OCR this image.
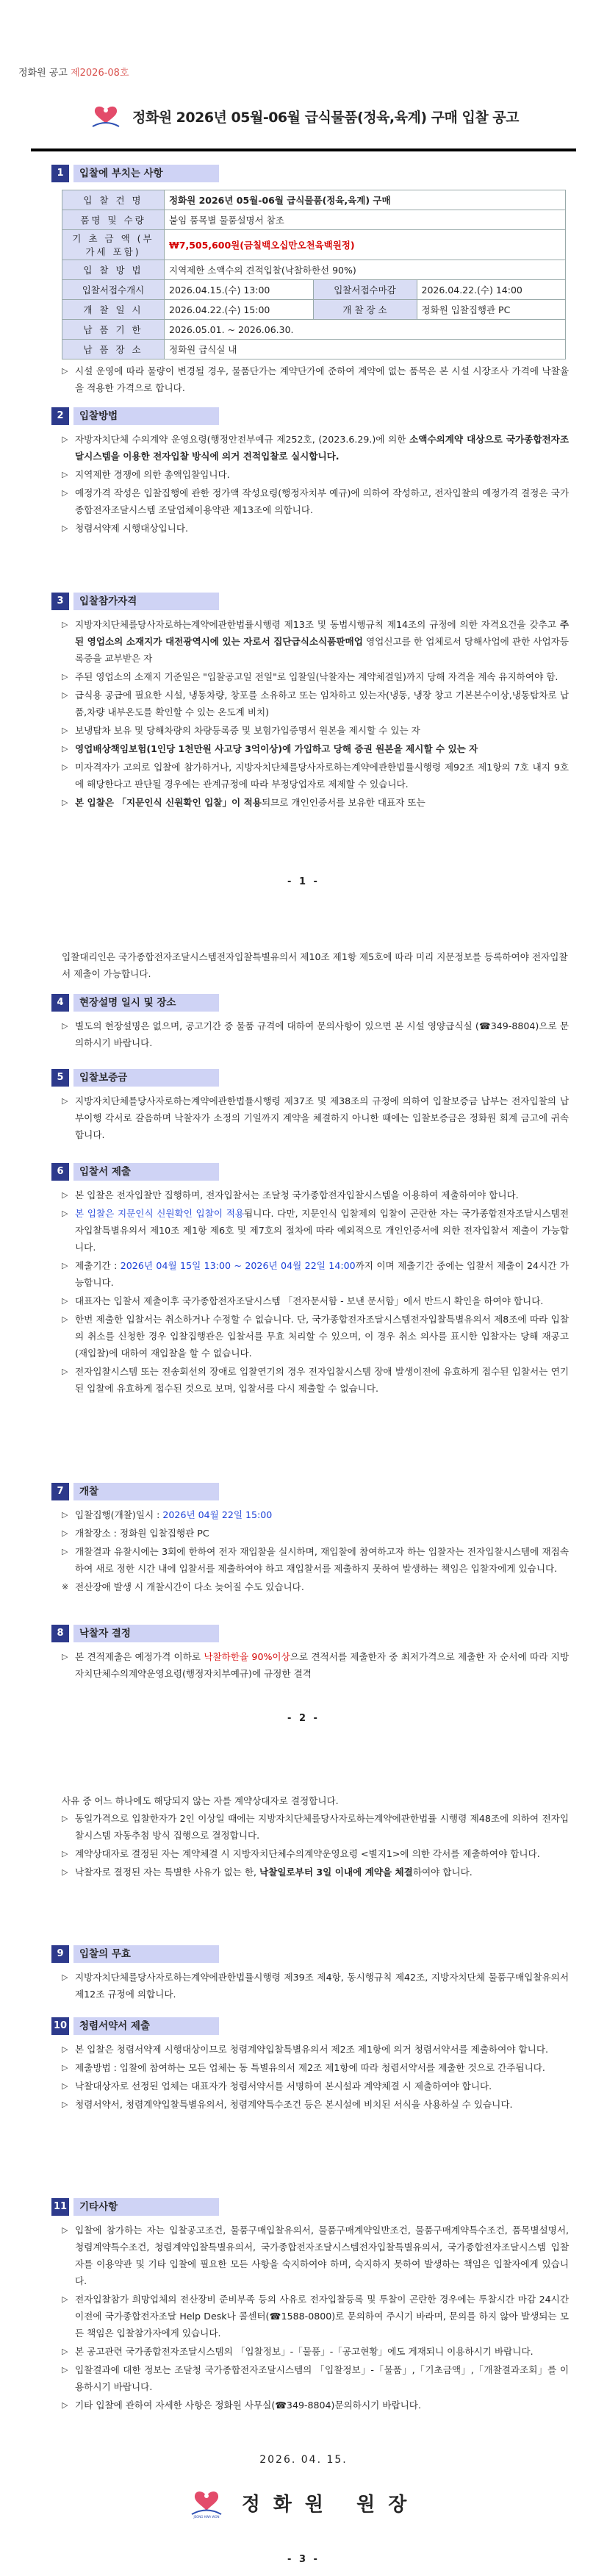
정화원 공고 제2026-08호
정화원 2026년 05월-06월 급식물품(정육,육계) 구매 입찰 공고
1	입찰에 부치는 사항
입 찰 건 명	정화원 2026년 05월-06월 급식물품(정육,육계) 구매		
품명 및 수량	붙임 품목별 물품설명서 참조		
기 초 금 액 (부가세 포함)	₩7,505,600원(금칠백오십만오천육백원정)		
입 찰 방 법	지역제한 소액수의 견적입찰(낙찰하한선 90%)		
입찰서접수개시	2026.04.15.(수) 13:00	입찰서접수마감	2026.04.22.(수) 14:00
개 찰 일 시	2026.04.22.(수) 15:00	개 찰 장 소	정화원 입찰집행관 PC
납 품 기 한	2026.05.01. ~ 2026.06.30.		
납 품 장 소	정화원 급식실 내		
▷ 시설 운영에 따라 물량이 변경될 경우, 물품단가는 계약단가에 준하여 계약에 없는 품목은 본 시설 시장조사 가격에 낙찰율을 적용한 가격으로 합니다.
2	입찰방법
▷ 자방자치단체 수의계약 운영요령(행정안전부예규 제252호, (2023.6.29.)에 의한 소액수의계약 대상으로 국가종합전자조달시스템을 이용한 전자입찰 방식에 의거 견적입찰로 실시합니다.
▷ 지역제한 경쟁에 의한 총액입찰입니다.
▷ 예정가격 작성은 입찰집행에 관한 정가액 작성요령(행정자치부 예규)에 의하여 작성하고, 전자입찰의 예정가격 결정은 국가종합전자조달시스템 조달업체이용약관 제13조에 의합니다.
▷ 청렴서약제 시행대상입니다.
3	입찰참가자격
▷ 지방자치단체를당사자로하는계약에관한법률시행령 제13조 및 동법시행규칙 제14조의 규정에 의한 자격요건을 갖추고 주된 영업소의 소재지가 대전광역시에 있는 자로서 집단급식소식품판매업 영업신고를 한 업체로서 당해사업에 관한 사업자등록증을 교부받은 자
▷ 주된 영업소의 소재지 기준일은 "입찰공고일 전일"로 입찰일(낙찰자는 계약체결일)까지 당해 자격을 계속 유지하여야 함.
▷ 급식용 공급에 필요한 시설, 냉동차량, 창포를 소유하고 또는 임차하고 있는자(냉동, 냉장 창고 기본본수이상,냉동탑차로 납품,차량 내부온도를 확인할 수 있는 온도계 비치)
▷ 보냉탑차 보유 및 당해차량의 차량등록증 및 보험가입증명서 원본을 제시할 수 있는 자
▷ 영업배상책임보험(1인당 1천만원 사고당 3억이상)에 가입하고 당해 증권 원본을 제시할 수 있는 자
▷ 미자격자가 고의로 입찰에 참가하거나, 지방자치단체를당사자로하는계약에관한법률시행령 제92조 제1항의 7호 내지 9호에 해당한다고 판단될 경우에는 관계규정에 따라 부정당업자로 제제할 수 있습니다.
▷ 본 입찰은 「지문인식 신원확인 입찰」이 적용되므로 개인인증서를 보유한 대표자 또는
- 1 -
입찰대리인은 국가종합전자조달시스템전자입찰특별유의서 제10조 제1항 제5호에 따라 미리 지문정보를 등록하여야 전자입찰서 제출이 가능합니다.
4	현장설명 일시 및 장소
▷ 별도의 현장설명은 없으며, 공고기간 중 물품 규격에 대하여 문의사항이 있으면 본 시설 영양급식실 (☎349-8804)으로 문의하시기 바랍니다.
5	입찰보증금
▷ 지방자치단체를당사자로하는계약에관한법률시행령 제37조 및 제38조의 규정에 의하여 입찰보증금 납부는 전자입찰의 납부이행 각서로 갈음하며 낙찰자가 소정의 기일까지 계약을 체결하지 아니한 때에는 입찰보증금은 정화원 회계 금고에 귀속합니다.
6	입찰서 제출
▷ 본 입찰은 전자입찰만 집행하며, 전자입찰서는 조달청 국가종합전자입찰시스템을 이용하여 제출하여야 합니다.
▷ 본 입찰은 지문인식 신원확인 입찰이 적용됩니다. 다만, 지문인식 입찰제의 입찰이 곤란한 자는 국가종합전자조달시스템전자입찰특별유의서 제10조 제1항 제6호 및 제7호의 절차에 따라 예외적으로 개인인증서에 의한 전자입찰서 제출이 가능합니다.
▷ 제출기간 : 2026년 04월 15일 13:00 ~ 2026년 04월 22일 14:00까지 이며 제출기간 중에는 입찰서 제출이 24시간 가능합니다.
▷ 대표자는 입찰서 제출이후 국가종합전자조달시스템 「전자문서함 - 보낸 문서함」에서 반드시 확인을 하여야 합니다.
▷ 한번 제출한 입찰서는 취소하거나 수정할 수 없습니다. 단, 국가종합전자조달시스템전자입찰특별유의서 제8조에 따라 입찰의 취소를 신청한 경우 입찰집행관은 입찰서를 무효 처리할 수 있으며, 이 경우 취소 의사를 표시한 입찰자는 당해 재공고(재입찰)에 대하여 재입찰을 할 수 없습니다.
▷ 전자입찰시스템 또는 전송회선의 장애로 입찰연기의 경우 전자입찰시스템 장애 발생이전에 유효하게 접수된 입찰서는 연기된 입찰에 유효하게 접수된 것으로 보며, 입찰서를 다시 제출할 수 없습니다.
7	개찰
▷ 입찰집행(개찰)일시 : 2026년 04월 22일 15:00
▷ 개찰장소 : 정화원 입찰집행관 PC
▷ 개찰결과 유찰시에는 3회에 한하여 전자 재입찰을 실시하며, 재입찰에 참여하고자 하는 입찰자는 전자입찰시스템에 재접속하여 새로 정한 시간 내에 입찰서를 제출하여야 하고 재입찰서를 제출하지 못하여 발생하는 책임은 입찰자에게 있습니다.
※ 전산장애 발생 시 개찰시간이 다소 늦어질 수도 있습니다.
8	낙찰자 결정
▷ 본 견적제출은 예정가격 이하로 낙찰하한율 90%이상으로 견적서를 제출한자 중 최저가격으로 제출한 자 순서에 따라 지방자치단체수의계약운영요령(행정자치부예규)에 규정한 결격
- 2 -
사유 중 어느 하나에도 해당되지 않는 자를 계약상대자로 결정합니다.
▷ 동일가격으로 입찰한자가 2인 이상일 때에는 지방자치단체를당사자로하는계약에관한법률 시행령 제48조에 의하여 전자입찰시스템 자동추첨 방식 집행으로 결정합니다.
▷ 계약상대자로 결정된 자는 계약체결 시 지방자치단체수의계약운영요령 <별지1>에 의한 각서를 제출하여야 합니다.
▷ 낙찰자로 결정된 자는 특별한 사유가 없는 한, 낙찰일로부터 3일 이내에 계약을 체결하여야 합니다.
9	입찰의 무효
▷ 지방자치단체를당사자로하는계약에관한법률시행령 제39조 제4항, 동시행규칙 제42조, 지방자치단체 물품구매입찰유의서 제12조 규정에 의합니다.
10	청렴서약서 제출
▷ 본 입찰은 청렴서약제 시행대상이므로 청렴계약입찰특별유의서 제2조 제1항에 의거 청렴서약서를 제출하여야 합니다.
▷ 제출방법 : 입찰에 참여하는 모든 업체는 동 특별유의서 제2조 제1항에 따라 청렴서약서를 제출한 것으로 간주됩니다.
▷ 낙찰대상자로 선정된 업체는 대표자가 청렴서약서를 서명하여 본시설과 계약체결 시 제출하여야 합니다.
▷ 청렴서약서, 청렴계약입찰특별유의서, 청렴계약특수조건 등은 본시설에 비치된 서식을 사용하실 수 있습니다.
11	기타사항
▷ 입찰에 참가하는 자는 입찰공고조건, 물품구매입찰유의서, 물품구매계약일반조건, 물품구매계약특수조건, 품목별설명서, 청렴계약특수조건, 청렴계약입찰특별유의서, 국가종합전자조달시스템전자입찰특별유의서, 국가종합전자조달시스템 입찰자를 이용약관 및 기타 입찰에 필요한 모든 사항을 숙지하여야 하며, 숙지하지 못하여 발생하는 책임은 입찰자에게 있습니다.
▷ 전자입찰참가 희망업체의 전산장비 준비부족 등의 사유로 전자입찰등록 및 투찰이 곤란한 경우에는 투찰시간 마감 24시간 이전에 국가종합전자조달 Help Desk나 콜센터(☎1588-0800)로 문의하여 주시기 바라며, 문의를 하지 않아 발생되는 모든 책임은 입찰참가자에게 있습니다.
▷ 본 공고관련 국가종합전자조달시스템의 「입찰정보」-「물품」-「공고현황」에도 게재되니 이용하시기 바랍니다.
▷ 입찰결과에 대한 정보는 조달청 국가종합전자조달시스템의 「입찰정보」-「물품」,「기초금액」,「개찰결과조회」를 이용하시기 바랍니다.
▷ 기타 입찰에 관하여 자세한 사항은 정화원 사무실(☎349-8804)문의하시기 바랍니다.
2026. 04. 15.
JEONG HWA WON
정화원 원장
- 3 -
